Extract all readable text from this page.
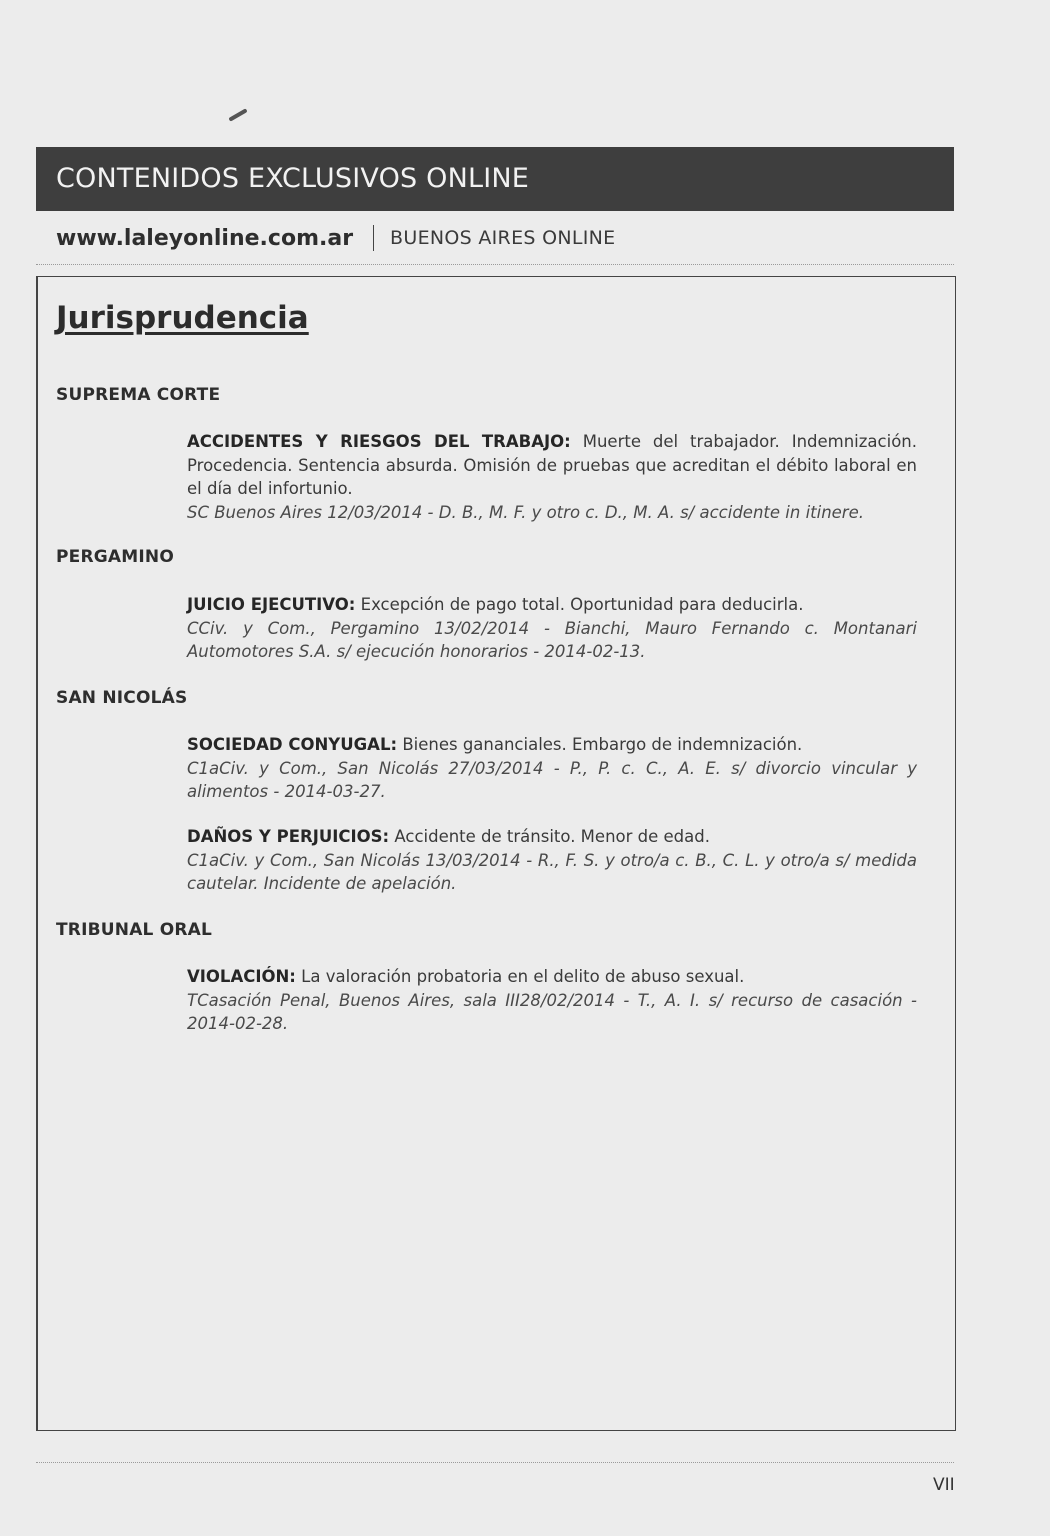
CONTENIDOS EXCLUSIVOS ONLINE
www.laleyonline.com.ar BUENOS AIRES ONLINE
Jurisprudencia
SUPREMA CORTE
ACCIDENTES Y RIESGOS DEL TRABAJO: Muerte del trabajador. Indemnización. Procedencia. Sentencia absurda. Omisión de pruebas que acreditan el débito laboral en el día del infortunio.
SC Buenos Aires 12/03/2014 - D. B., M. F. y otro c. D., M. A. s/ accidente in itinere.
PERGAMINO
JUICIO EJECUTIVO: Excepción de pago total. Oportunidad para deducirla.
CCiv. y Com., Pergamino 13/02/2014 - Bianchi, Mauro Fernando c. Montanari Automotores S.A. s/ ejecución honorarios - 2014-02-13.
SAN NICOLÁS
SOCIEDAD CONYUGAL: Bienes gananciales. Embargo de indemnización.
C1aCiv. y Com., San Nicolás 27/03/2014 - P., P. c. C., A. E. s/ divorcio vincular y alimentos - 2014-03-27.
DAÑOS Y PERJUICIOS: Accidente de tránsito. Menor de edad.
C1aCiv. y Com., San Nicolás 13/03/2014 - R., F. S. y otro/a c. B., C. L. y otro/a s/ medida cautelar. Incidente de apelación.
TRIBUNAL ORAL
VIOLACIÓN: La valoración probatoria en el delito de abuso sexual.
TCasación Penal, Buenos Aires, sala III28/02/2014 - T., A. I. s/ recurso de casación - 2014-02-28.
VII
